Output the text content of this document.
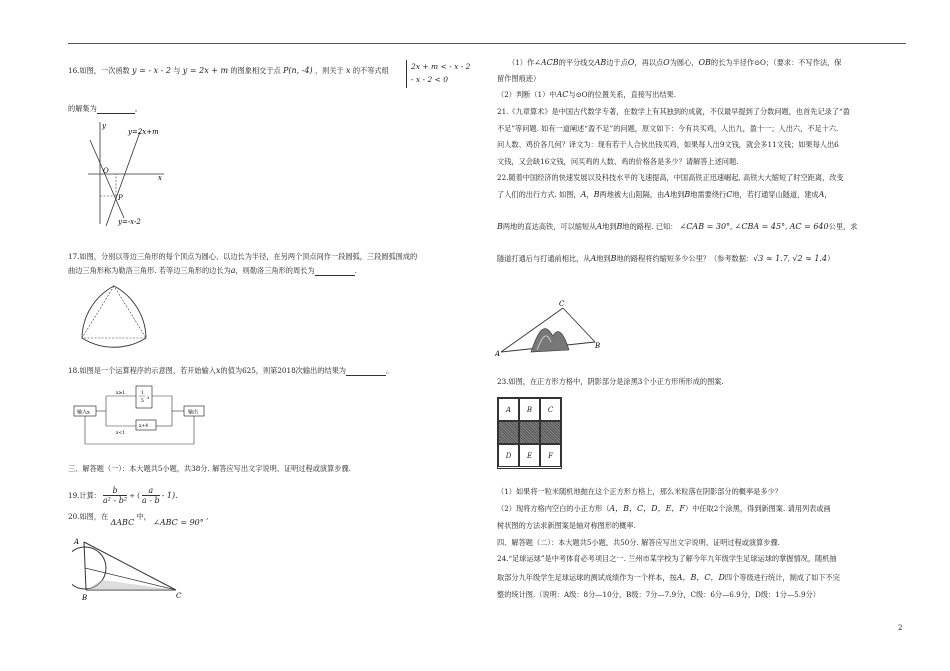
16.如图，一次函数 y = - x - 2 与 y = 2x + m 的图象相交于点 P(n, -4) ，则关于 x 的不等式组	2x + m < - x - 2
- x - 2 < 0
的解集为	。
y
y=2x+m
O
x
P
y=-x-2
17.如图，分别以等边三角形的每个顶点为圆心、以边长为半径，在另两个顶点间作一段圆弧，三段圆弧围成的
曲边三角形称为勒洛三角形. 若等边三角形的边长为a，则勒洛三角形的周长为	.
18.如图是一个运算程序的示意图，若开始输入x的值为625，则第2018次输出的结果为	。
输入x
x≥1
x<1
1
5
x
x+4
输出
三、解答题（一）：本大题共5小题，共38分. 解答应写出文字说明、证明过程或演算步骤.
19.计算： $\frac{b}{\text{a² - b²}}$ ÷ (
a
a - b
- 1).
20.如图，在 ΔABC 中， ∠ABC = 90° ,
A
B	C
（1）作∠ACB的平分线交AB边于点O，再以点O为圆心，OB的长为半径作⊙O；（要求：不写作法，保
留作图痕迹）
（2）判断（1）中AC与⊙O的位置关系，直接写出结果.
21.《九章算术》是中国古代数学专著，在数学上有其独到的成就，不仅最早提到了分数问题，也首先记录了“盈
不足”等问题. 如有一道阐述“盈不足”的问题，原文如下：今有共买鸡，人出九，盈十一；人出六，不足十六.
问人数、鸡价各几何？译文为：现有若干人合伙出钱买鸡，如果每人出9文钱，就会多11文钱；如果每人出6
文钱，又会缺16文钱，问买鸡的人数、鸡的价格各是多少？请解答上述问题.
22.随着中国经济的快速发展以及科技水平的飞速提高，中国高铁正迅速崛起, 高铁大大缩短了时空距离，改变
了人们的出行方式. 如图，A，B两地被大山阻隔，由A地到B地需要绕行C地，若打通穿山隧道，建成A，
B两地的直达高铁，可以缩短从A地到B地的路程. 已知： ∠CAB = 30°, ∠CBA = 45°, AC = 640公里，求
隧道打通后与打通前相比，从A地到B地的路程将约缩短多少公里？（参考数据：√3 ≈ 1.7, √2 ≈ 1.4）
C
A
B
23.如图，在正方形方格中，阴影部分是涂黑3个小正方形所形成的图案.
A	B	C
D	E	F
（1）如果将一粒米随机地抛在这个正方形方格上，那么米粒落在阴影部分的概率是多少？
（2）现将方格内空白的小正方形（A，B，C，D，E，F）中任取2个涂黑，得到新图案. 请用列表或画
树状图的方法求新图案是轴对称图形的概率.
四、解答题（二）：本大题共5小题，共50分. 解答应写出文字说明、证明过程或演算步骤.
24.“足球运球”是中考体育必考项目之一. 兰州市某学校为了解今年九年级学生足球运球的掌握情况，随机抽
取部分九年级学生足球运球的测试成绩作为一个样本，按A，B，C，D四个等级进行统计，制成了如下不完
整的统计图.（说明：A级：8分—10分，B级：7分—7.9分，C级：6分—6.9分，D级：1分—5.9分）
2
